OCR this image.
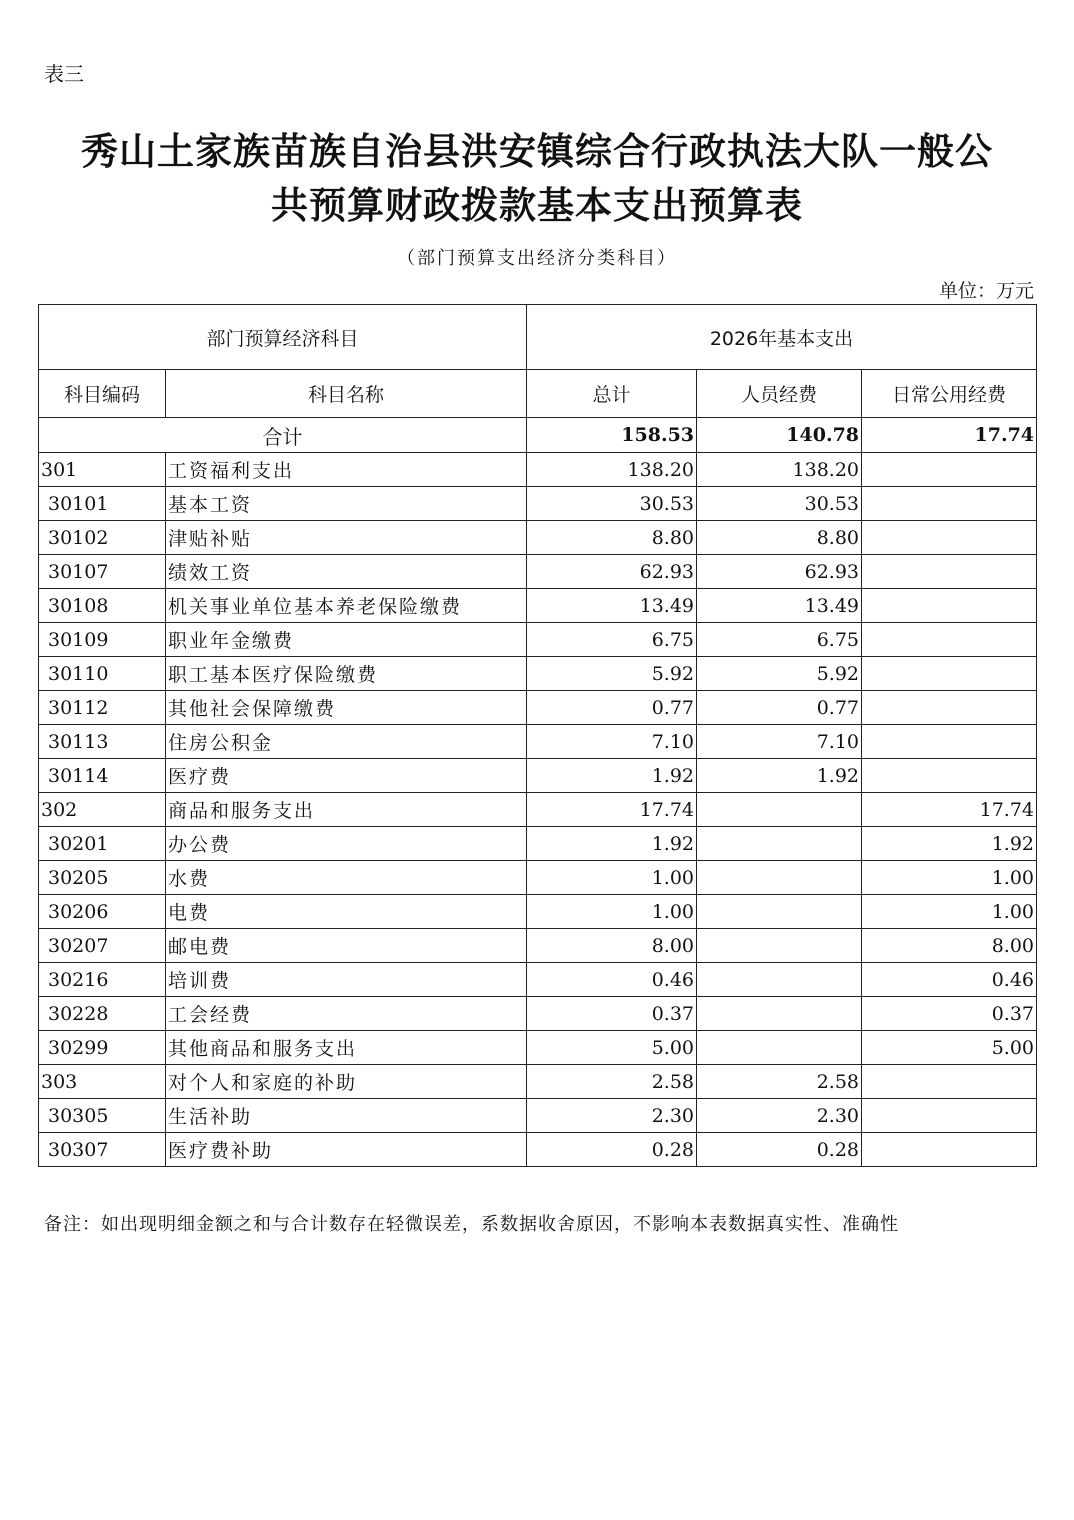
表三
秀山土家族苗族自治县洪安镇综合行政执法大队一般公
共预算财政拨款基本支出预算表
（部门预算支出经济分类科目）
单位：万元
部门预算经济科目		2026年基本支出		
科目编码	科目名称	总计	人员经费	日常公用经费
合计		158.53	140.78	17.74
301	工资福利支出	138.20	138.20	
30101	基本工资	30.53	30.53	
30102	津贴补贴	8.80	8.80	
30107	绩效工资	62.93	62.93	
30108	机关事业单位基本养老保险缴费	13.49	13.49	
30109	职业年金缴费	6.75	6.75	
30110	职工基本医疗保险缴费	5.92	5.92	
30112	其他社会保障缴费	0.77	0.77	
30113	住房公积金	7.10	7.10	
30114	医疗费	1.92	1.92	
302	商品和服务支出	17.74		17.74
30201	办公费	1.92		1.92
30205	水费	1.00		1.00
30206	电费	1.00		1.00
30207	邮电费	8.00		8.00
30216	培训费	0.46		0.46
30228	工会经费	0.37		0.37
30299	其他商品和服务支出	5.00		5.00
303	对个人和家庭的补助	2.58	2.58	
30305	生活补助	2.30	2.30	
30307	医疗费补助	0.28	0.28	
备注：如出现明细金额之和与合计数存在轻微误差，系数据收舍原因，不影响本表数据真实性、准确性
